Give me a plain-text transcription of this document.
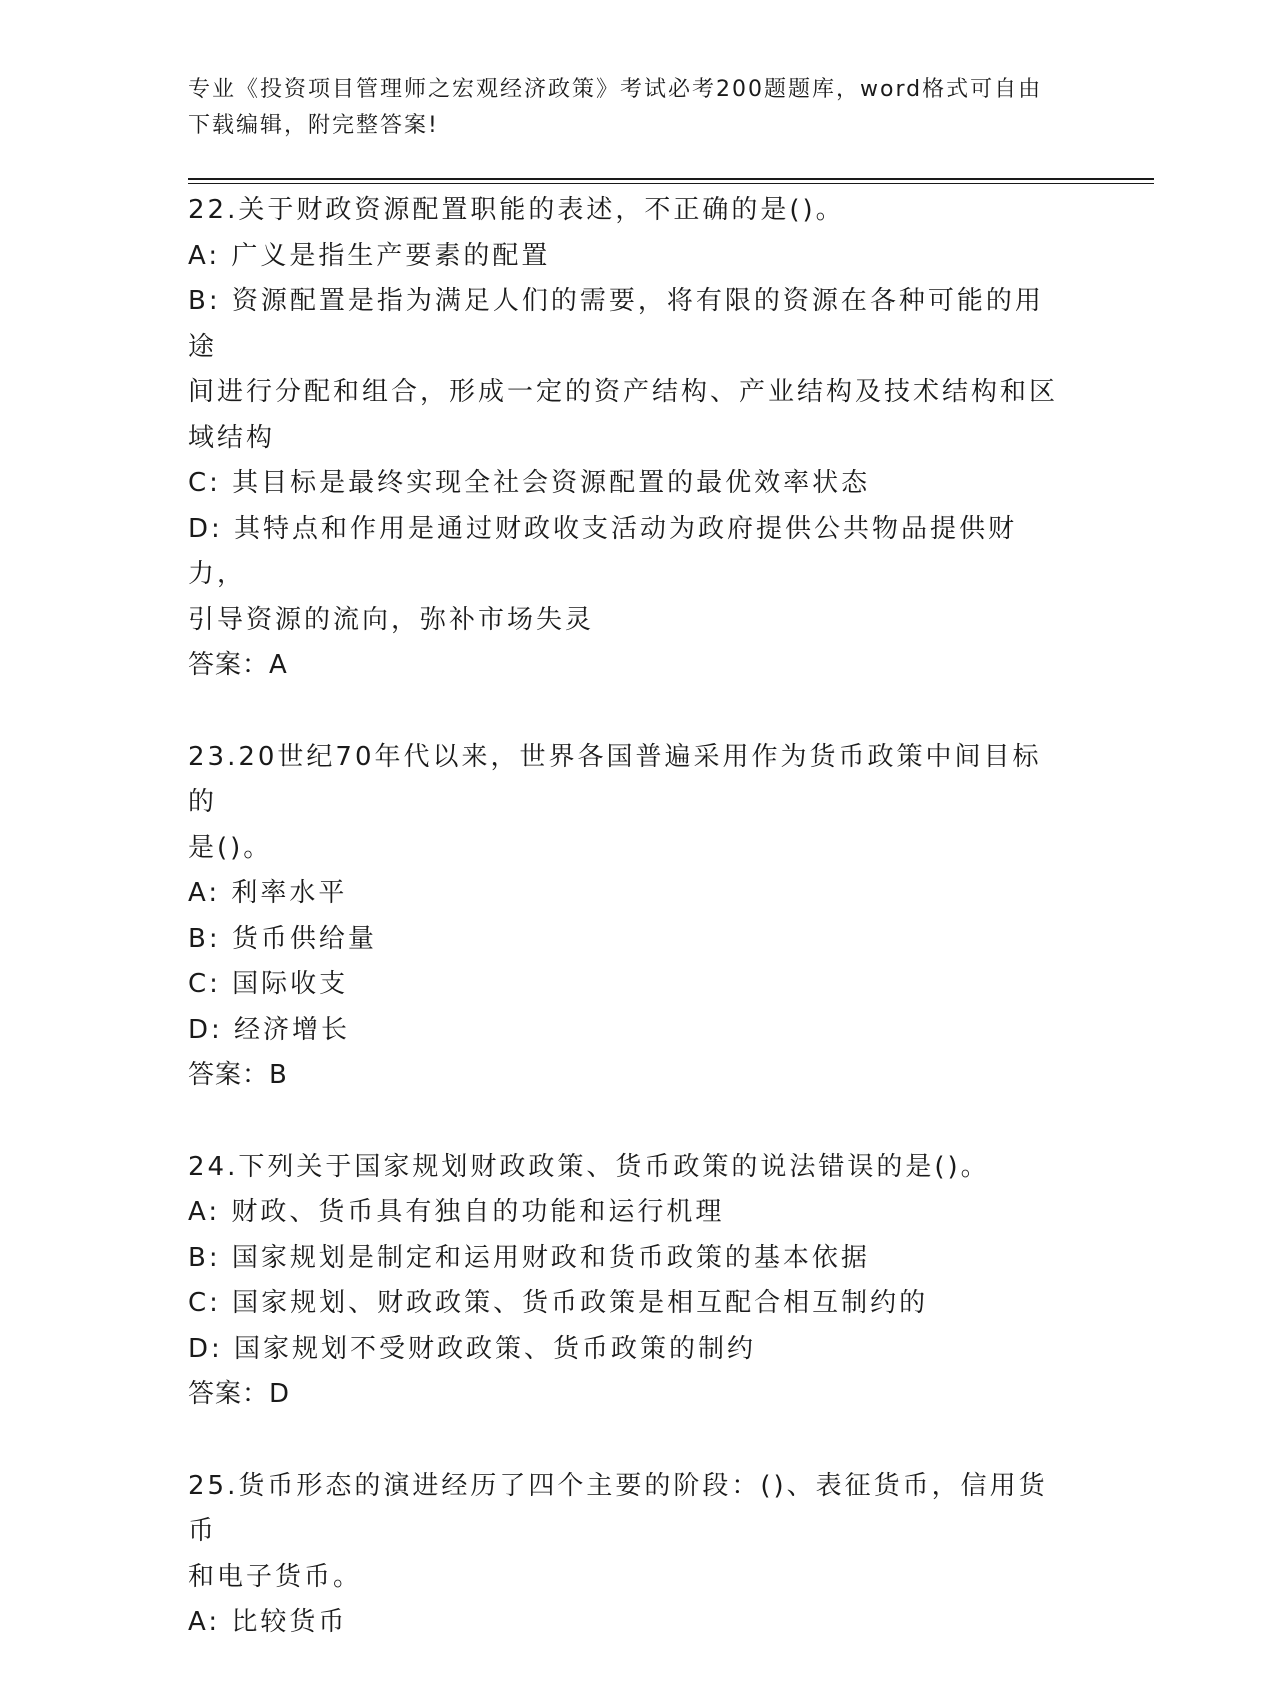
专业《投资项目管理师之宏观经济政策》考试必考200题题库，word格式可自由
下载编辑，附完整答案!

22.关于财政资源配置职能的表述，不正确的是()。

A: 广义是指生产要素的配置

B: 资源配置是指为满足人们的需要，将有限的资源在各种可能的用途

间进行分配和组合，形成一定的资产结构、产业结构及技术结构和区

域结构

C: 其目标是最终实现全社会资源配置的最优效率状态

D: 其特点和作用是通过财政收支活动为政府提供公共物品提供财力，

引导资源的流向，弥补市场失灵

答案：A

23.20世纪70年代以来，世界各国普遍采用作为货币政策中间目标的

是()。

A: 利率水平

B: 货币供给量

C: 国际收支

D: 经济增长

答案：B

24.下列关于国家规划财政政策、货币政策的说法错误的是()。

A: 财政、货币具有独自的功能和运行机理

B: 国家规划是制定和运用财政和货币政策的基本依据

C: 国家规划、财政政策、货币政策是相互配合相互制约的

D: 国家规划不受财政政策、货币政策的制约

答案：D

25.货币形态的演进经历了四个主要的阶段：()、表征货币，信用货币

和电子货币。

A: 比较货币
